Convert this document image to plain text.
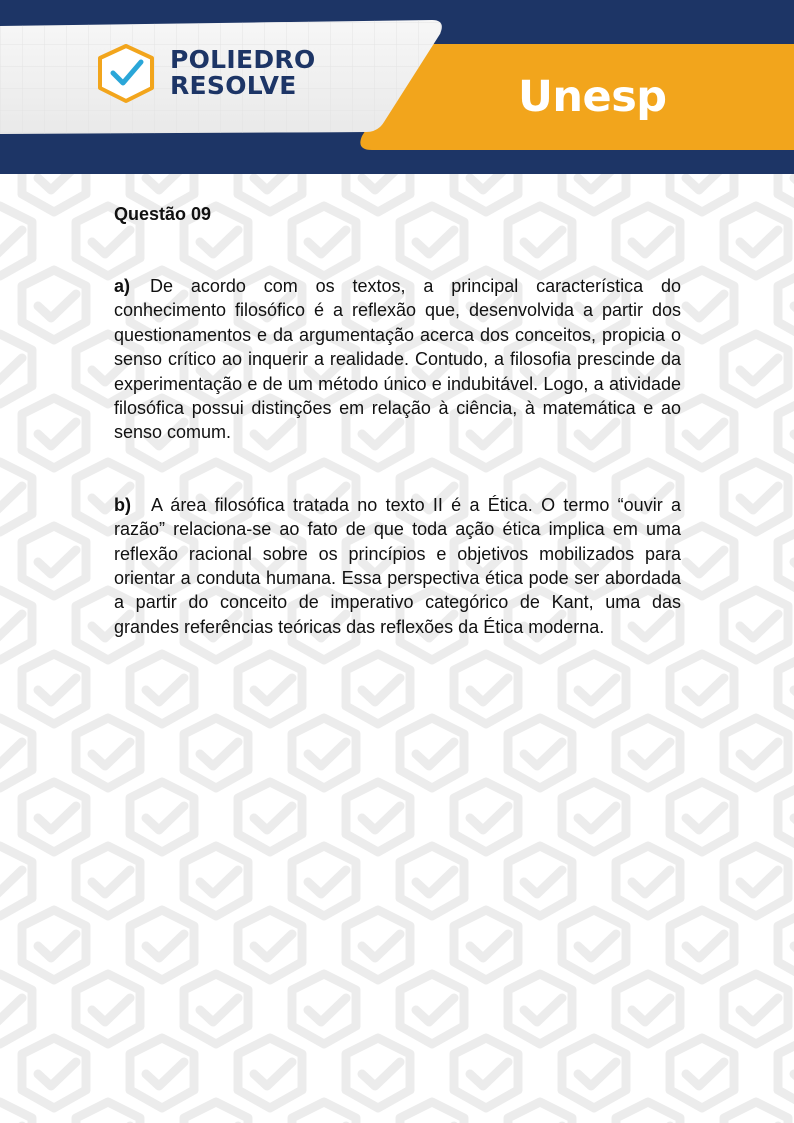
POLIEDRO
RESOLVE	Unesp

Questão 09

a) De acordo com os textos, a principal característica do conhecimento filosófico é a reflexão que, desenvolvida a partir dos questionamentos e da argumentação acerca dos conceitos, propicia o senso crítico ao inquerir a realidade. Contudo, a filosofia prescinde da experimentação e de um método único e indubitável. Logo, a atividade filosófica possui distinções em relação à ciência, à matemática e ao senso comum.

b) A área filosófica tratada no texto II é a Ética. O termo “ouvir a razão” relaciona-se ao fato de que toda ação ética implica em uma reflexão racional sobre os princípios e objetivos mobilizados para orientar a conduta humana. Essa perspectiva ética pode ser abordada a partir do conceito de imperativo categórico de Kant, uma das grandes referências teóricas das reflexões da Ética moderna.
